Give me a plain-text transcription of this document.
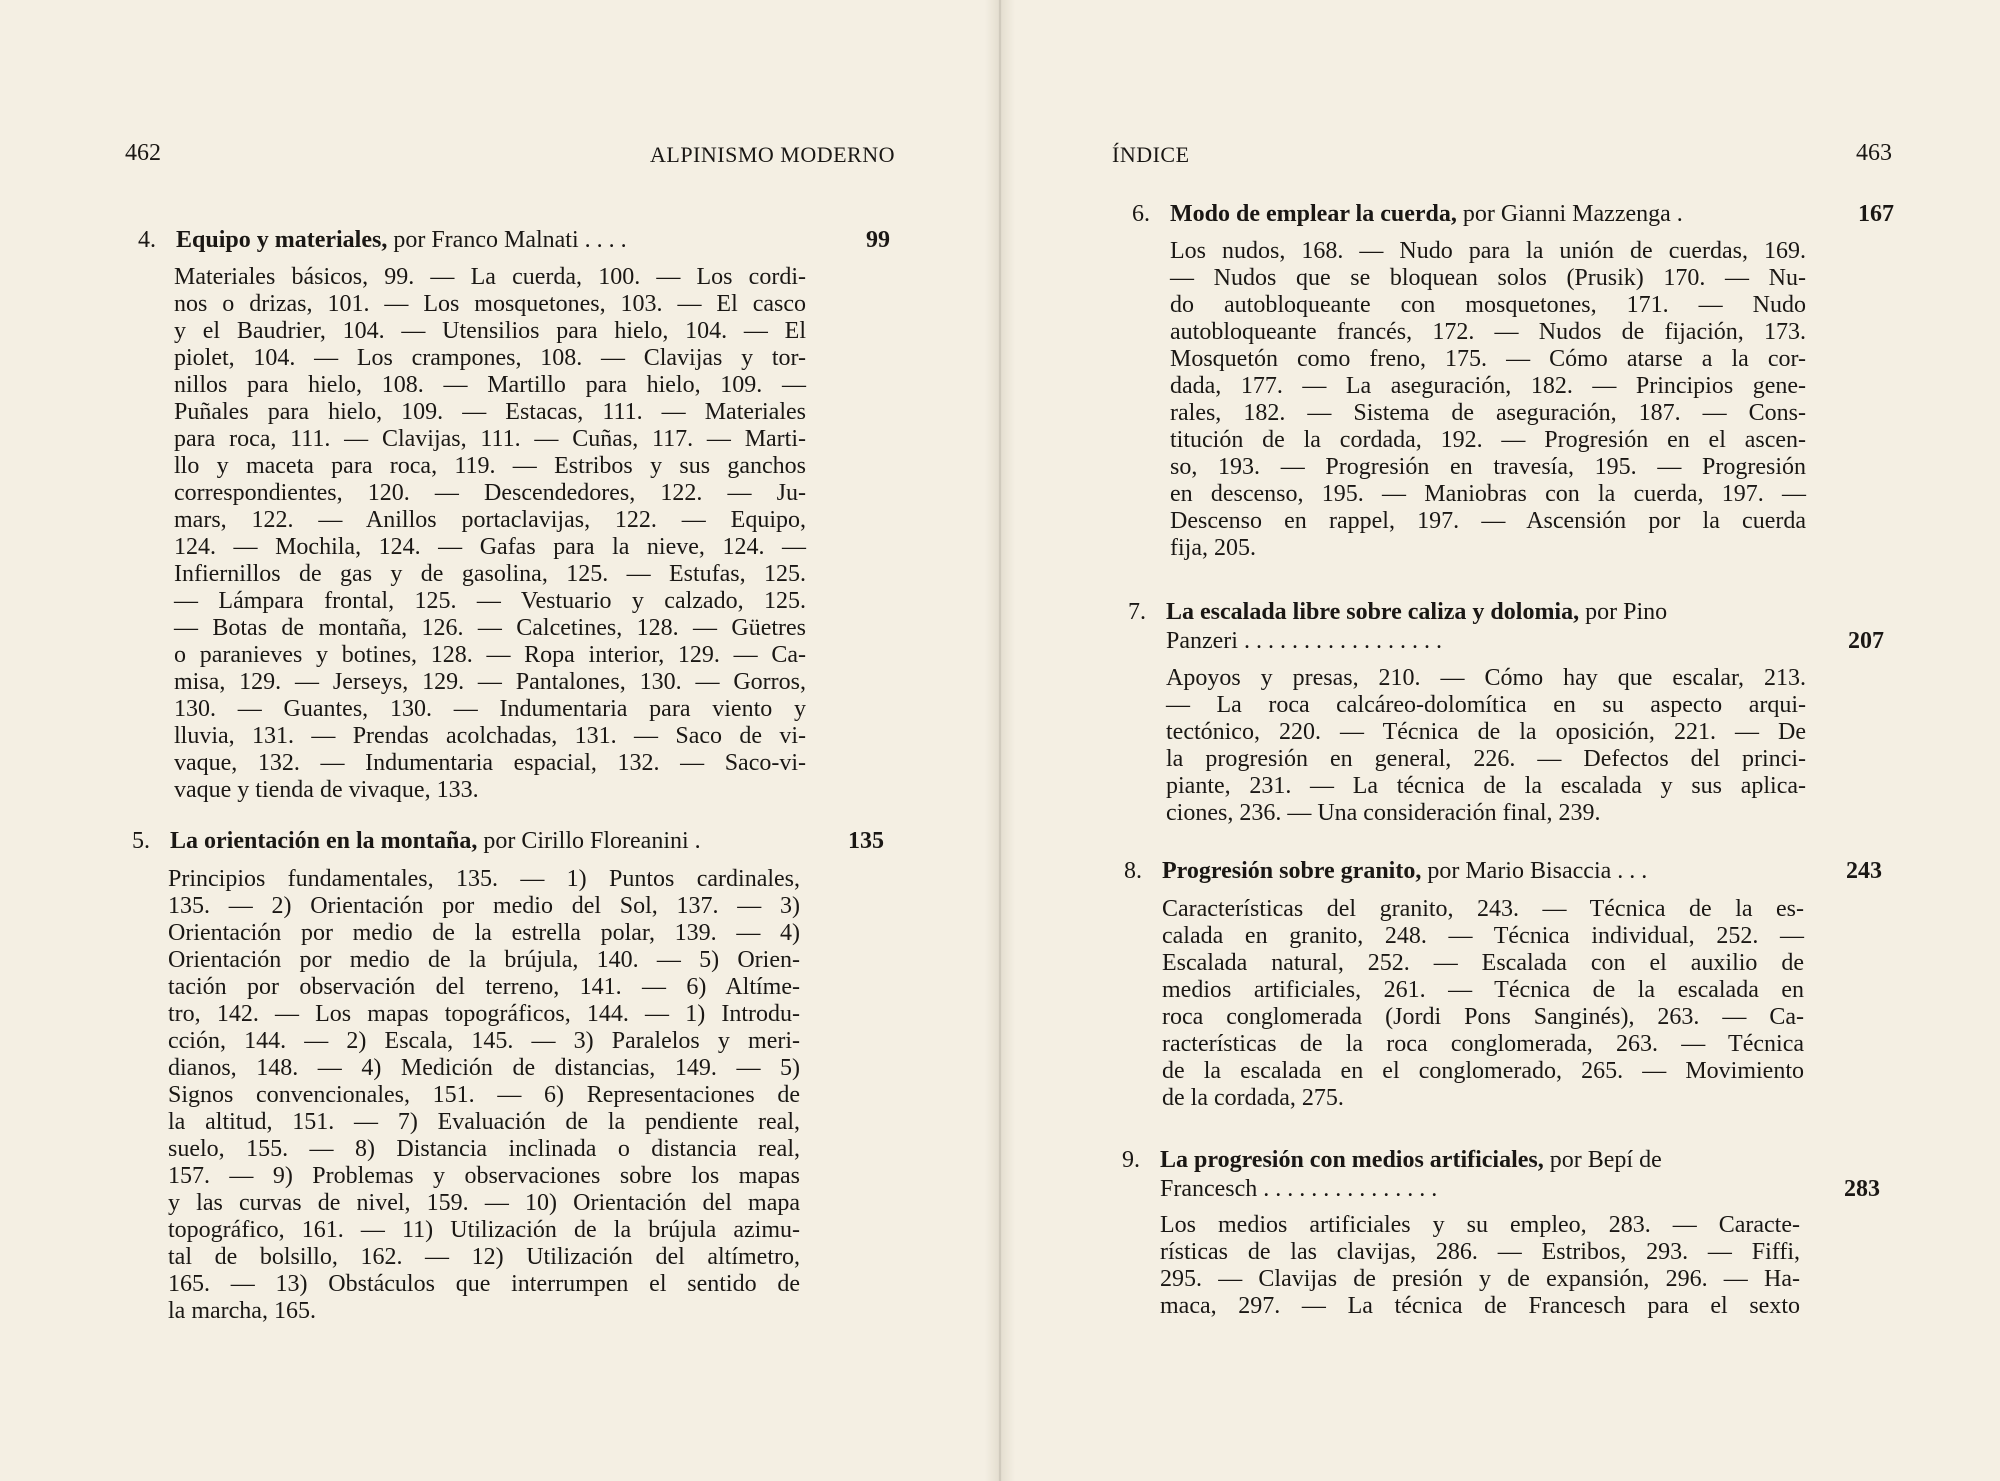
462	ALPINISMO MODERNO
4. Equipo y materiales, por Franco Malnati . . . .	99
Materiales básicos, 99. — La cuerda, 100. — Los cordi-
nos o drizas, 101. — Los mosquetones, 103. — El casco
y el Baudrier, 104. — Utensilios para hielo, 104. — El
piolet, 104. — Los crampones, 108. — Clavijas y tor-
nillos para hielo, 108. — Martillo para hielo, 109. —
Puñales para hielo, 109. — Estacas, 111. — Materiales
para roca, 111. — Clavijas, 111. — Cuñas, 117. — Marti-
llo y maceta para roca, 119. — Estribos y sus ganchos
correspondientes, 120. — Descendedores, 122. — Ju-
mars, 122. — Anillos portaclavijas, 122. — Equipo,
124. — Mochila, 124. — Gafas para la nieve, 124. —
Infiernillos de gas y de gasolina, 125. — Estufas, 125.
— Lámpara frontal, 125. — Vestuario y calzado, 125.
— Botas de montaña, 126. — Calcetines, 128. — Güetres
o paranieves y botines, 128. — Ropa interior, 129. — Ca-
misa, 129. — Jerseys, 129. — Pantalones, 130. — Gorros,
130. — Guantes, 130. — Indumentaria para viento y
lluvia, 131. — Prendas acolchadas, 131. — Saco de vi-
vaque, 132. — Indumentaria espacial, 132. — Saco-vi-
vaque y tienda de vivaque, 133.
5. La orientación en la montaña, por Cirillo Floreanini .	135
Principios fundamentales, 135. — 1) Puntos cardinales,
135. — 2) Orientación por medio del Sol, 137. — 3)
Orientación por medio de la estrella polar, 139. — 4)
Orientación por medio de la brújula, 140. — 5) Orien-
tación por observación del terreno, 141. — 6) Altíme-
tro, 142. — Los mapas topográficos, 144. — 1) Introdu-
cción, 144. — 2) Escala, 145. — 3) Paralelos y meri-
dianos, 148. — 4) Medición de distancias, 149. — 5)
Signos convencionales, 151. — 6) Representaciones de
la altitud, 151. — 7) Evaluación de la pendiente real,
suelo, 155. — 8) Distancia inclinada o distancia real,
157. — 9) Problemas y observaciones sobre los mapas
y las curvas de nivel, 159. — 10) Orientación del mapa
topográfico, 161. — 11) Utilización de la brújula azimu-
tal de bolsillo, 162. — 12) Utilización del altímetro,
165. — 13) Obstáculos que interrumpen el sentido de
la marcha, 165.
ÍNDICE	463
6. Modo de emplear la cuerda, por Gianni Mazzenga .	167
Los nudos, 168. — Nudo para la unión de cuerdas, 169.
— Nudos que se bloquean solos (Prusik) 170. — Nu-
do autobloqueante con mosquetones, 171. — Nudo
autobloqueante francés, 172. — Nudos de fijación, 173.
Mosquetón como freno, 175. — Cómo atarse a la cor-
dada, 177. — La aseguración, 182. — Principios gene-
rales, 182. — Sistema de aseguración, 187. — Cons-
titución de la cordada, 192. — Progresión en el ascen-
so, 193. — Progresión en travesía, 195. — Progresión
en descenso, 195. — Maniobras con la cuerda, 197. —
Descenso en rappel, 197. — Ascensión por la cuerda
fija, 205.
7. La escalada libre sobre caliza y dolomia, por Pino
Panzeri . . . . . . . . . . . . . . . . .	207
Apoyos y presas, 210. — Cómo hay que escalar, 213.
— La roca calcáreo-dolomítica en su aspecto arqui-
tectónico, 220. — Técnica de la oposición, 221. — De
la progresión en general, 226. — Defectos del princi-
piante, 231. — La técnica de la escalada y sus aplica-
ciones, 236. — Una consideración final, 239.
8. Progresión sobre granito, por Mario Bisaccia . . .	243
Características del granito, 243. — Técnica de la es-
calada en granito, 248. — Técnica individual, 252. —
Escalada natural, 252. — Escalada con el auxilio de
medios artificiales, 261. — Técnica de la escalada en
roca conglomerada (Jordi Pons Sanginés), 263. — Ca-
racterísticas de la roca conglomerada, 263. — Técnica
de la escalada en el conglomerado, 265. — Movimiento
de la cordada, 275.
9. La progresión con medios artificiales, por Bepí de
Francesch . . . . . . . . . . . . . . .	283
Los medios artificiales y su empleo, 283. — Caracte-
rísticas de las clavijas, 286. — Estribos, 293. — Fiffi,
295. — Clavijas de presión y de expansión, 296. — Ha-
maca, 297. — La técnica de Francesch para el sexto
